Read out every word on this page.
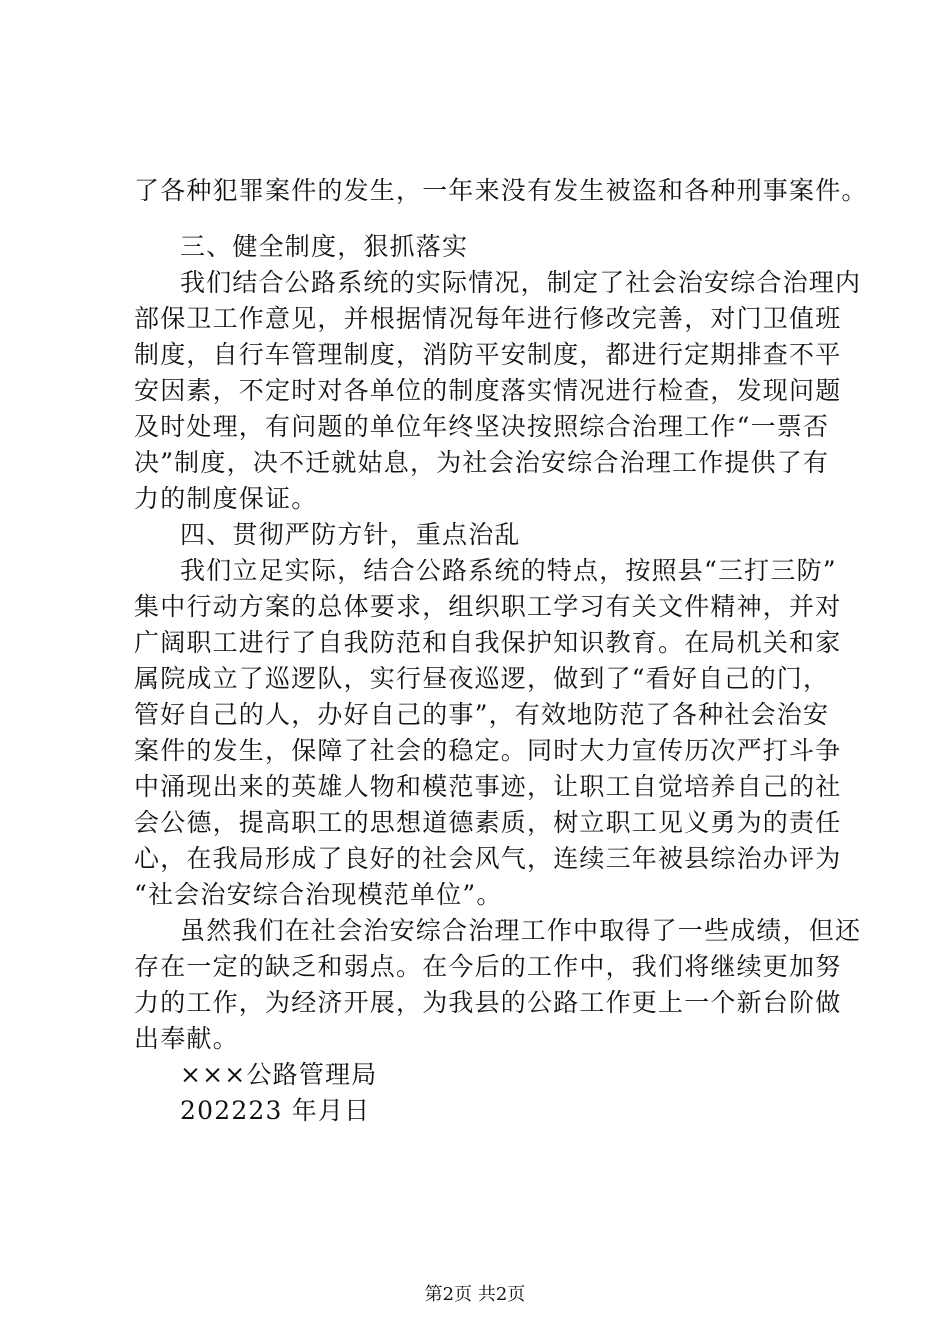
了各种犯罪案件的发生，一年来没有发生被盗和各种刑事案件。
三、健全制度，狠抓落实
我们结合公路系统的实际情况，制定了社会治安综合治理内
部保卫工作意见，并根据情况每年进行修改完善，对门卫值班
制度，自行车管理制度，消防平安制度，都进行定期排查不平
安因素，不定时对各单位的制度落实情况进行检查，发现问题
及时处理，有问题的单位年终坚决按照综合治理工作“一票否
决”制度，决不迁就姑息，为社会治安综合治理工作提供了有
力的制度保证。
四、贯彻严防方针，重点治乱
我们立足实际，结合公路系统的特点，按照县“三打三防”
集中行动方案的总体要求，组织职工学习有关文件精神，并对
广阔职工进行了自我防范和自我保护知识教育。在局机关和家
属院成立了巡逻队，实行昼夜巡逻，做到了“看好自己的门，
管好自己的人，办好自己的事”，有效地防范了各种社会治安
案件的发生，保障了社会的稳定。同时大力宣传历次严打斗争
中涌现出来的英雄人物和模范事迹，让职工自觉培养自己的社
会公德，提高职工的思想道德素质，树立职工见义勇为的责任
心，在我局形成了良好的社会风气，连续三年被县综治办评为
“社会治安综合治现模范单位”。
虽然我们在社会治安综合治理工作中取得了一些成绩，但还
存在一定的缺乏和弱点。在今后的工作中，我们将继续更加努
力的工作，为经济开展，为我县的公路工作更上一个新台阶做
出奉献。
×××公路管理局
202223 年月日
第2页 共2页
